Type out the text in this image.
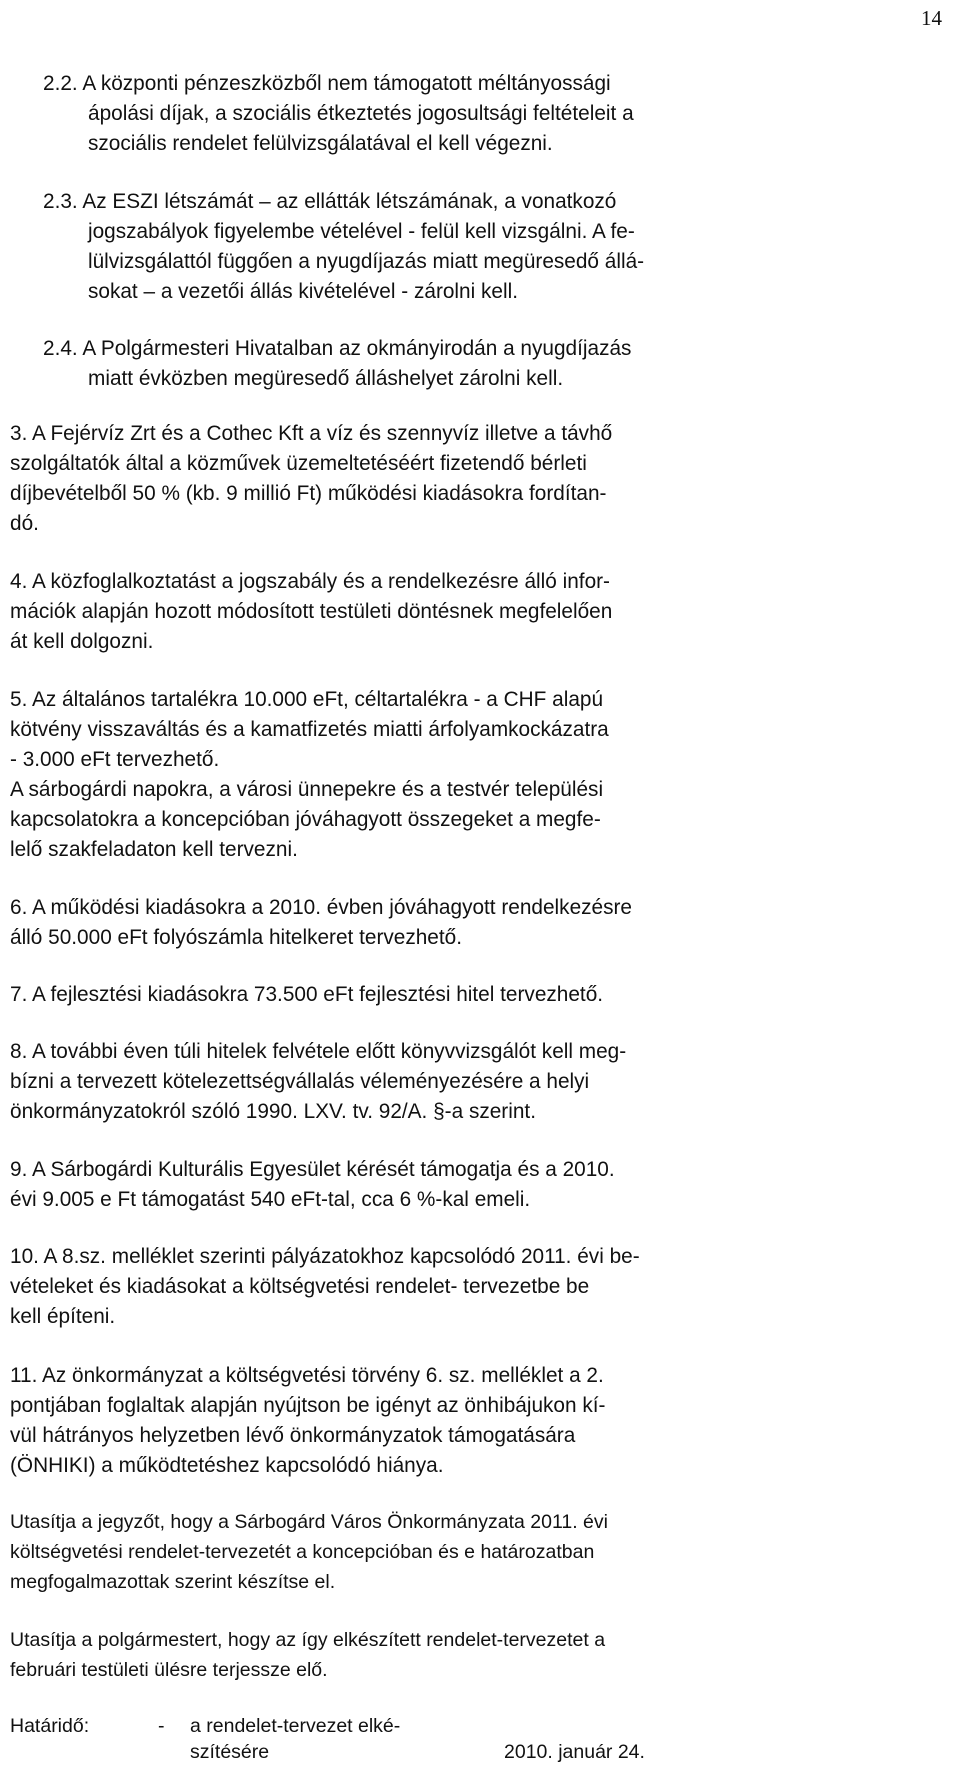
14

2.2. A központi pénzeszközből nem támogatott méltányossági

ápolási díjak, a szociális étkeztetés jogosultsági feltételeit a

szociális rendelet felülvizsgálatával el kell végezni.

2.3. Az ESZI létszámát – az ellátták létszámának, a vonatkozó

jogszabályok figyelembe vételével - felül kell vizsgálni. A fe-

lülvizsgálattól függően a nyugdíjazás miatt megüresedő állá-

sokat – a vezetői állás kivételével - zárolni kell.

2.4. A Polgármesteri Hivatalban az okmányirodán a nyugdíjazás

miatt évközben megüresedő álláshelyet zárolni kell.

3. A Fejérvíz Zrt és a Cothec Kft a víz és szennyvíz illetve a távhő

szolgáltatók által a közművek üzemeltetéséért fizetendő bérleti

díjbevételből 50 % (kb. 9 millió Ft) működési kiadásokra fordítan-

dó.

4. A közfoglalkoztatást a jogszabály és a rendelkezésre álló infor-

mációk alapján hozott módosított testületi döntésnek megfelelően

át kell dolgozni.

5. Az általános tartalékra 10.000 eFt, céltartalékra - a CHF alapú

kötvény visszaváltás és a kamatfizetés miatti árfolyamkockázatra

- 3.000 eFt tervezhető.

A sárbogárdi napokra, a városi ünnepekre és a testvér települési

kapcsolatokra a koncepcióban jóváhagyott összegeket a megfe-

lelő szakfeladaton kell tervezni.

6. A működési kiadásokra a 2010. évben jóváhagyott rendelkezésre

álló 50.000 eFt folyószámla hitelkeret tervezhető.

7. A fejlesztési kiadásokra 73.500 eFt fejlesztési hitel tervezhető.

8. A további éven túli hitelek felvétele előtt könyvvizsgálót kell meg-

bízni a tervezett kötelezettségvállalás véleményezésére a helyi

önkormányzatokról szóló 1990. LXV. tv. 92/A. §-a szerint.

9. A Sárbogárdi Kulturális Egyesület kérését támogatja és a 2010.

évi 9.005 e Ft támogatást 540 eFt-tal, cca 6 %-kal emeli.

10. A 8.sz. melléklet szerinti pályázatokhoz kapcsolódó 2011. évi be-

vételeket és kiadásokat a költségvetési rendelet- tervezetbe be

kell építeni.

11. Az önkormányzat a költségvetési törvény 6. sz. melléklet a 2.

pontjában foglaltak alapján nyújtson be igényt az önhibájukon kí-

vül hátrányos helyzetben lévő önkormányzatok támogatására

(ÖNHIKI) a működtetéshez kapcsolódó hiánya.

Utasítja a jegyzőt, hogy a Sárbogárd Város Önkormányzata 2011. évi

költségvetési rendelet-tervezetét a koncepcióban és e határozatban

megfogalmazottak szerint készítse el.

Utasítja a polgármestert, hogy az így elkészített rendelet-tervezetet a

februári testületi ülésre terjessze elő.

Határidő:	- a rendelet-tervezet elké-

szítésére	2010. január 24.
